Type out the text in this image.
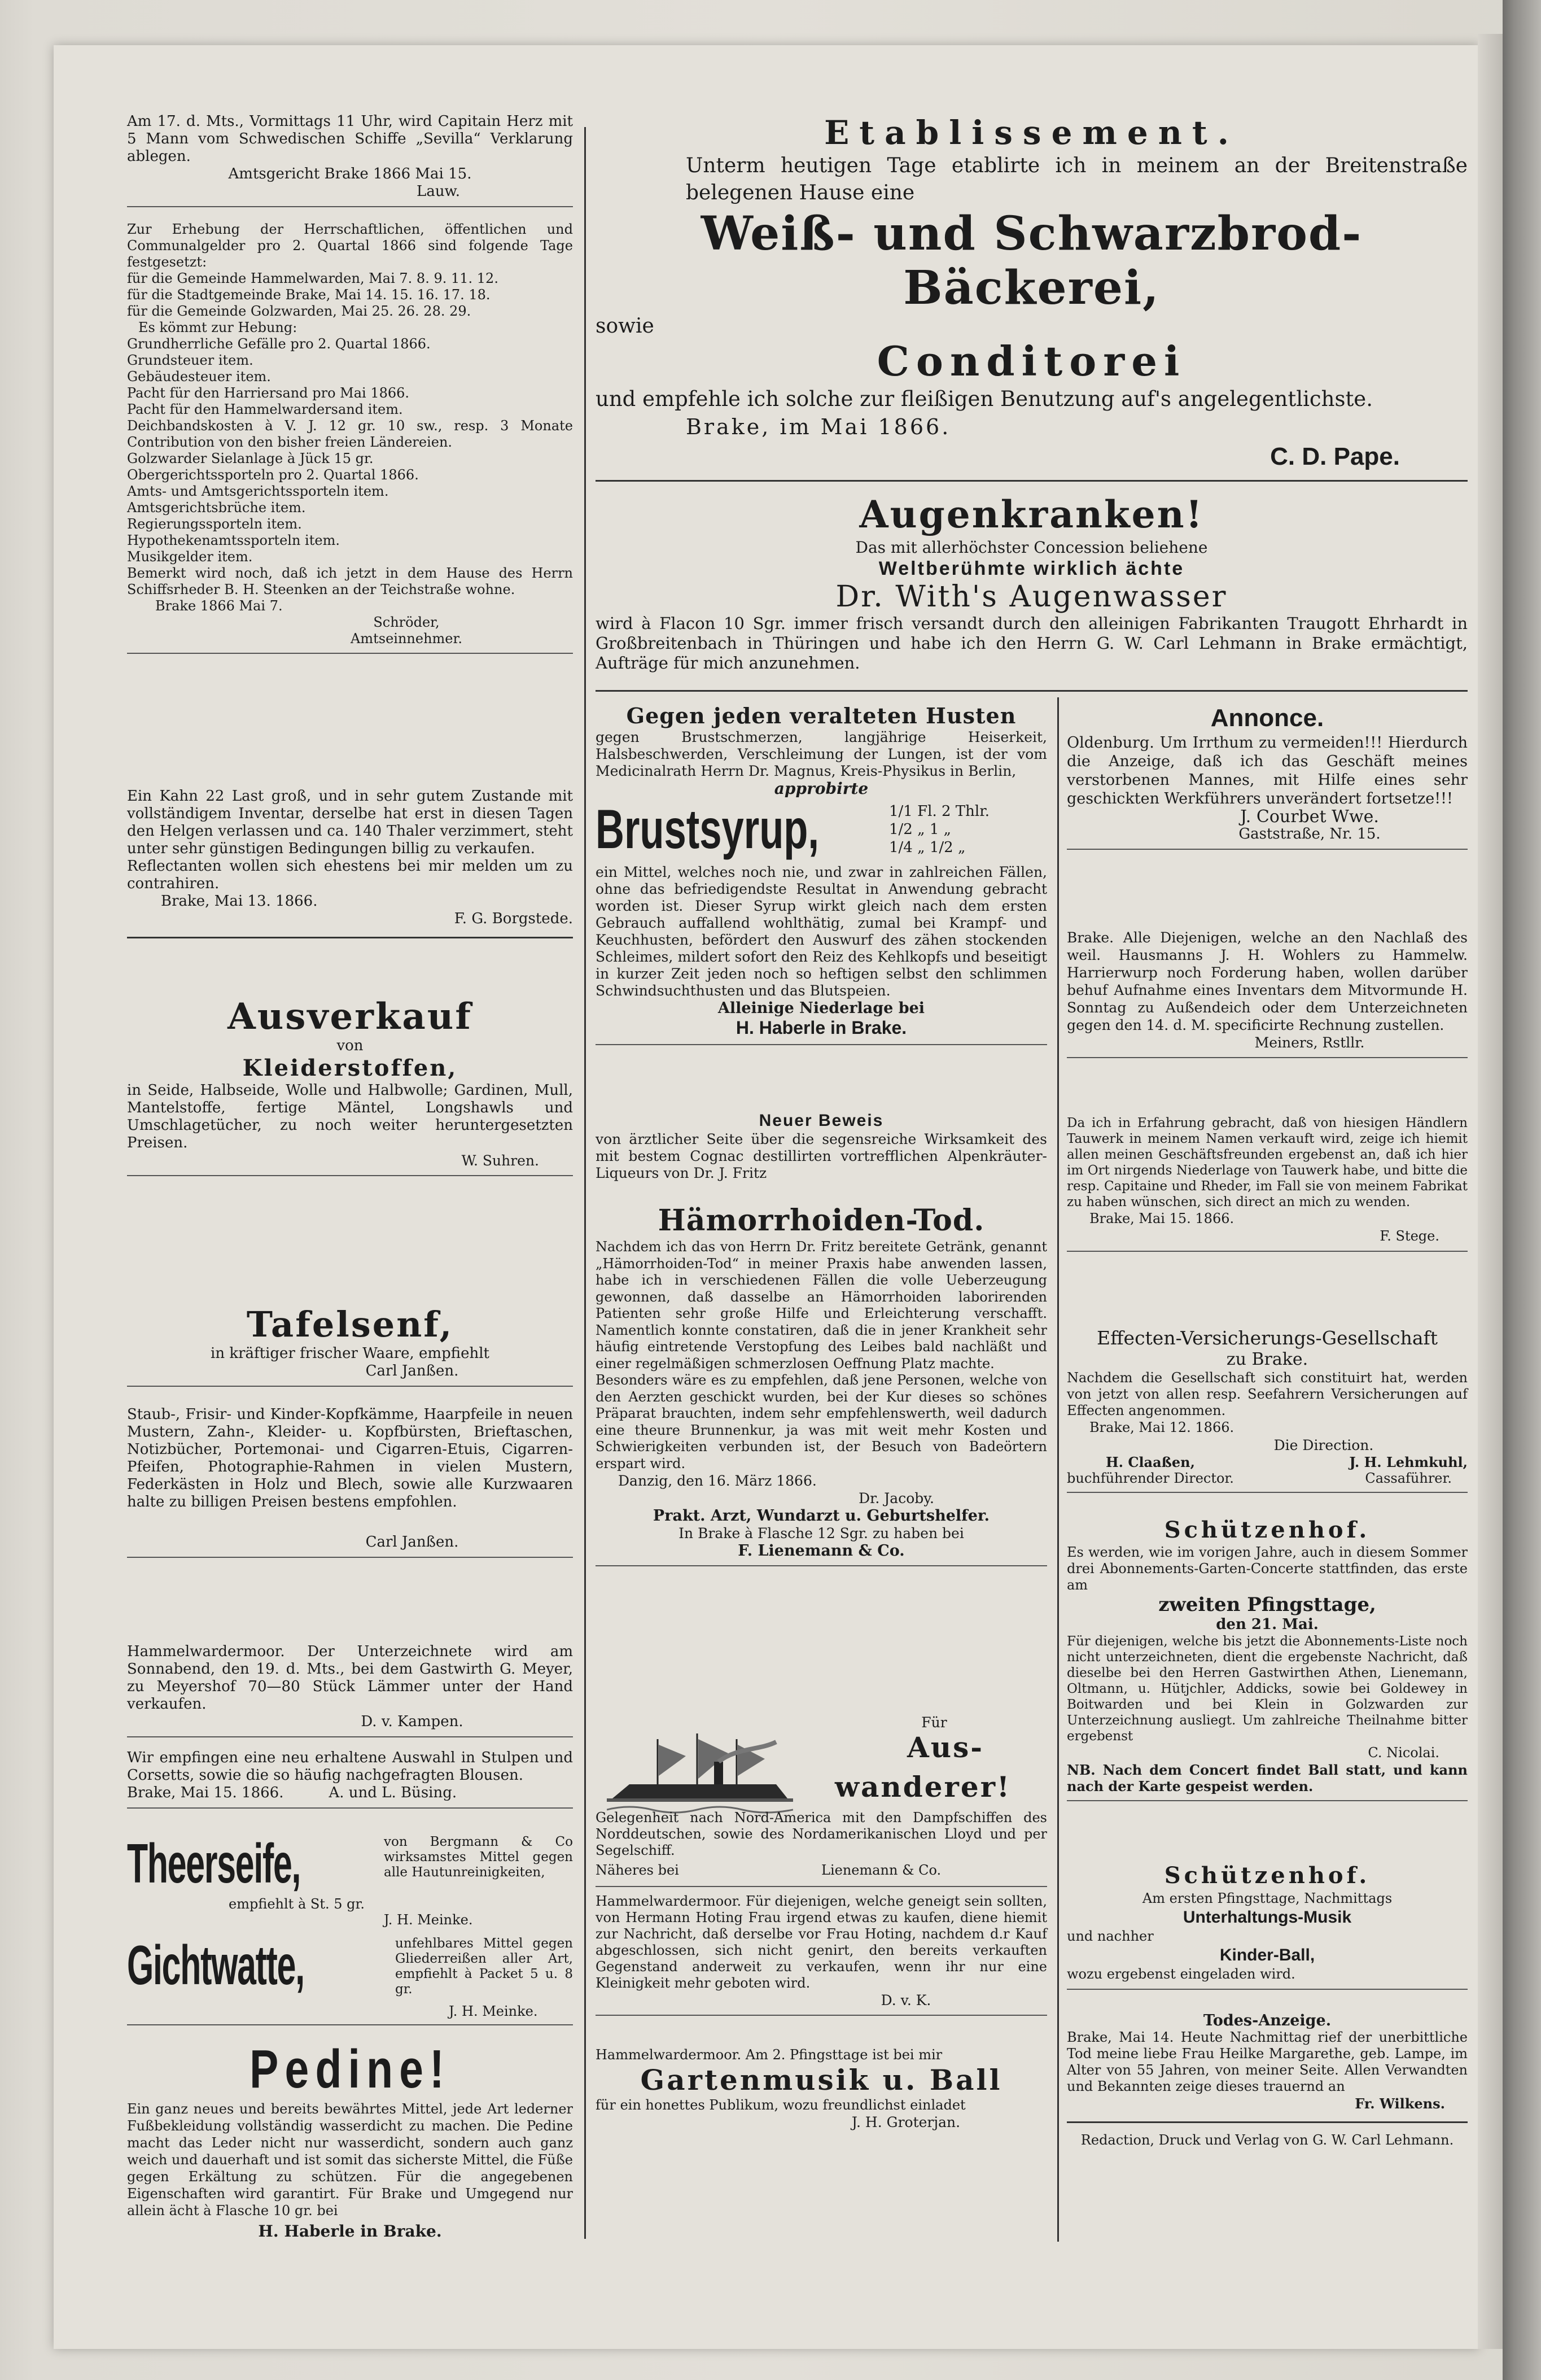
Am 17. d. Mts., Vormittags 11 Uhr, wird Capitain Herz mit 5 Mann vom Schwedischen Schiffe „Sevilla“ Verklarung ablegen.

Amtsgericht Brake 1866 Mai 15.

Lauw.

Zur Erhebung der Herrschaftlichen, öffentlichen und Communalgelder pro 2. Quartal 1866 sind folgende Tage festgesetzt:

für die Gemeinde Hammelwarden, Mai 7. 8. 9. 11. 12.

für die Stadtgemeinde Brake, Mai 14. 15. 16. 17. 18.

für die Gemeinde Golzwarden, Mai 25. 26. 28. 29.

Es kömmt zur Hebung:

Grundherrliche Gefälle pro 2. Quartal 1866.

Grundsteuer item.

Gebäudesteuer item.

Pacht für den Harriersand pro Mai 1866.

Pacht für den Hammelwardersand item.

Deichbandskosten à V. J. 12 gr. 10 sw., resp. 3 Monate Contribution von den bisher freien Ländereien.

Golzwarder Sielanlage à Jück 15 gr.

Obergerichtssporteln pro 2. Quartal 1866.

Amts- und Amtsgerichtssporteln item.

Amtsgerichtsbrüche item.

Regierungssporteln item.

Hypothekenamtssporteln item.

Musikgelder item.

Bemerkt wird noch, daß ich jetzt in dem Hause des Herrn Schiffsrheder B. H. Steenken an der Teichstraße wohne.

Brake 1866 Mai 7.

Schröder,

Amtseinnehmer.

Ein Kahn 22 Last groß, und in sehr gutem Zustande mit vollständigem Inventar, derselbe hat erst in diesen Tagen den Helgen verlassen und ca. 140 Thaler verzimmert, steht unter sehr günstigen Bedingungen billig zu verkaufen.

Reflectanten wollen sich ehestens bei mir melden um zu contrahiren.

Brake, Mai 13. 1866.

F. G. Borgstede.

Ausverkauf

von

Kleiderstoffen,

in Seide, Halbseide, Wolle und Halbwolle; Gardinen, Mull, Mantelstoffe, fertige Mäntel, Longshawls und Umschlagetücher, zu noch weiter heruntergesetzten Preisen.

W. Suhren.

Tafelsenf,

in kräftiger frischer Waare, empfiehlt

Carl Janßen.

Staub-, Frisir- und Kinder-Kopfkämme, Haarpfeile in neuen Mustern, Zahn-, Kleider- u. Kopfbürsten, Brieftaschen, Notizbücher, Portemonai- und Cigarren-Etuis, Cigarren-Pfeifen, Photographie-Rahmen in vielen Mustern, Federkästen in Holz und Blech, sowie alle Kurzwaaren halte zu billigen Preisen bestens empfohlen.

Carl Janßen.

Hammelwardermoor. Der Unterzeichnete wird am Sonnabend, den 19. d. Mts., bei dem Gastwirth G. Meyer, zu Meyershof 70—80 Stück Lämmer unter der Hand verkaufen.

D. v. Kampen.

Wir empfingen eine neu erhaltene Auswahl in Stulpen und Corsetts, sowie die so häufig nachgefragten Blousen.

Brake, Mai 15. 1866.	A. und L. Büsing.

Theerseife,	von Bergmann & Co wirksamstes Mittel gegen alle Hautunreinigkeiten,

empfiehlt à St. 5 gr.

J. H. Meinke.

Gichtwatte,	unfehlbares Mittel gegen Gliederreißen aller Art, empfiehlt à Packet 5 u. 8 gr.

J. H. Meinke.

Pedine!

Ein ganz neues und bereits bewährtes Mittel, jede Art lederner Fußbekleidung vollständig wasserdicht zu machen. Die Pedine macht das Leder nicht nur wasserdicht, sondern auch ganz weich und dauerhaft und ist somit das sicherste Mittel, die Füße gegen Erkältung zu schützen. Für die angegebenen Eigenschaften wird garantirt. Für Brake und Umgegend nur allein ächt à Flasche 10 gr. bei

H. Haberle in Brake.

Etablissement.

Unterm heutigen Tage etablirte ich in meinem an der Breitenstraße belegenen Hause eine

Weiß- und Schwarzbrod-Bäckerei,

sowie

Conditorei

und empfehle ich solche zur fleißigen Benutzung auf's angelegentlichste.

Brake, im Mai 1866.

C. D. Pape.

Augenkranken!

Das mit allerhöchster Concession beliehene

Weltberühmte wirklich ächte

Dr. With's Augenwasser

wird à Flacon 10 Sgr. immer frisch versandt durch den alleinigen Fabrikanten Traugott Ehrhardt in Großbreitenbach in Thüringen und habe ich den Herrn G. W. Carl Lehmann in Brake ermächtigt, Aufträge für mich anzunehmen.

Gegen jeden veralteten Husten

gegen Brustschmerzen, langjährige Heiserkeit, Halsbeschwerden, Verschleimung der Lungen, ist der vom Medicinalrath Herrn Dr. Magnus, Kreis-Physikus in Berlin,

approbirte

Brustsyrup,	1/1 Fl. 2 Thlr.

1/2 „ 1 „

1/4 „ 1/2 „

ein Mittel, welches noch nie, und zwar in zahlreichen Fällen, ohne das befriedigendste Resultat in Anwendung gebracht worden ist. Dieser Syrup wirkt gleich nach dem ersten Gebrauch auffallend wohlthätig, zumal bei Krampf- und Keuchhusten, befördert den Auswurf des zähen stockenden Schleimes, mildert sofort den Reiz des Kehlkopfs und beseitigt in kurzer Zeit jeden noch so heftigen selbst den schlimmen Schwindsuchthusten und das Blutspeien.

Alleinige Niederlage bei

H. Haberle in Brake.

Neuer Beweis

von ärztlicher Seite über die segensreiche Wirksamkeit des mit bestem Cognac destillirten vortrefflichen Alpenkräuter-Liqueurs von Dr. J. Fritz

Hämorrhoiden-Tod.

Nachdem ich das von Herrn Dr. Fritz bereitete Getränk, genannt „Hämorrhoiden-Tod“ in meiner Praxis habe anwenden lassen, habe ich in verschiedenen Fällen die volle Ueberzeugung gewonnen, daß dasselbe an Hämorrhoiden laborirenden Patienten sehr große Hilfe und Erleichterung verschafft. Namentlich konnte constatiren, daß die in jener Krankheit sehr häufig eintretende Verstopfung des Leibes bald nachläßt und einer regelmäßigen schmerzlosen Oeffnung Platz machte.

Besonders wäre es zu empfehlen, daß jene Personen, welche von den Aerzten geschickt wurden, bei der Kur dieses so schönes Präparat brauchten, indem sehr empfehlenswerth, weil dadurch eine theure Brunnenkur, ja was mit weit mehr Kosten und Schwierigkeiten verbunden ist, der Besuch von Badeörtern erspart wird.

Danzig, den 16. März 1866.

Dr. Jacoby.

Prakt. Arzt, Wundarzt u. Geburtshelfer.

In Brake à Flasche 12 Sgr. zu haben bei

F. Lienemann & Co.

Für

Aus-
wanderer!

Gelegenheit nach Nord-America mit den Dampfschiffen des Norddeutschen, sowie des Nordamerikanischen Lloyd und per Segelschiff.

Näheres bei	Lienemann & Co.

Hammelwardermoor. Für diejenigen, welche geneigt sein sollten, von Hermann Hoting Frau irgend etwas zu kaufen, diene hiemit zur Nachricht, daß derselbe vor Frau Hoting, nachdem d.r Kauf abgeschlossen, sich nicht genirt, den bereits verkauften Gegenstand anderweit zu verkaufen, wenn ihr nur eine Kleinigkeit mehr geboten wird.

D. v. K.

Hammelwardermoor. Am 2. Pfingsttage ist bei mir

Gartenmusik u. Ball

für ein honettes Publikum, wozu freundlichst einladet

J. H. Groterjan.

Annonce.

Oldenburg. Um Irrthum zu vermeiden!!! Hierdurch die Anzeige, daß ich das Geschäft meines verstorbenen Mannes, mit Hilfe eines sehr geschickten Werkführers unverändert fortsetze!!!

J. Courbet Wwe.

Gaststraße, Nr. 15.

Brake. Alle Diejenigen, welche an den Nachlaß des weil. Hausmanns J. H. Wohlers zu Hammelw. Harrierwurp noch Forderung haben, wollen darüber behuf Aufnahme eines Inventars dem Mitvormunde H. Sonntag zu Außendeich oder dem Unterzeichneten gegen den 14. d. M. specificirte Rechnung zustellen.

Meiners, Rstllr.

Da ich in Erfahrung gebracht, daß von hiesigen Händlern Tauwerk in meinem Namen verkauft wird, zeige ich hiemit allen meinen Geschäftsfreunden ergebenst an, daß ich hier im Ort nirgends Niederlage von Tauwerk habe, und bitte die resp. Capitaine und Rheder, im Fall sie von meinem Fabrikat zu haben wünschen, sich direct an mich zu wenden.

Brake, Mai 15. 1866.

F. Stege.

Effecten-Versicherungs-Gesellschaft

zu Brake.

Nachdem die Gesellschaft sich constituirt hat, werden von jetzt von allen resp. Seefahrern Versicherungen auf Effecten angenommen.

Brake, Mai 12. 1866.

Die Direction.

H. Claaßen,
buchführender Director.
J. H. Lehmkuhl,
Cassaführer.
Schützenhof.

Es werden, wie im vorigen Jahre, auch in diesem Sommer drei Abonnements-Garten-Concerte stattfinden, das erste am

zweiten Pfingsttage,

den 21. Mai.

Für diejenigen, welche bis jetzt die Abonnements-Liste noch nicht unterzeichneten, dient die ergebenste Nachricht, daß dieselbe bei den Herren Gastwirthen Athen, Lienemann, Oltmann, u. Hütjchler, Addicks, sowie bei Goldewey in Boitwarden und bei Klein in Golzwarden zur Unterzeichnung ausliegt. Um zahlreiche Theilnahme bitter ergebenst

C. Nicolai.

NB. Nach dem Concert findet Ball statt, und kann nach der Karte gespeist werden.

Schützenhof.

Am ersten Pfingsttage, Nachmittags

Unterhaltungs-Musik

und nachher

Kinder-Ball,

wozu ergebenst eingeladen wird.

Todes-Anzeige.

Brake, Mai 14. Heute Nachmittag rief der unerbittliche Tod meine liebe Frau Heilke Margarethe, geb. Lampe, im Alter von 55 Jahren, von meiner Seite. Allen Verwandten und Bekannten zeige dieses trauernd an

Fr. Wilkens.

Redaction, Druck und Verlag von G. W. Carl Lehmann.
